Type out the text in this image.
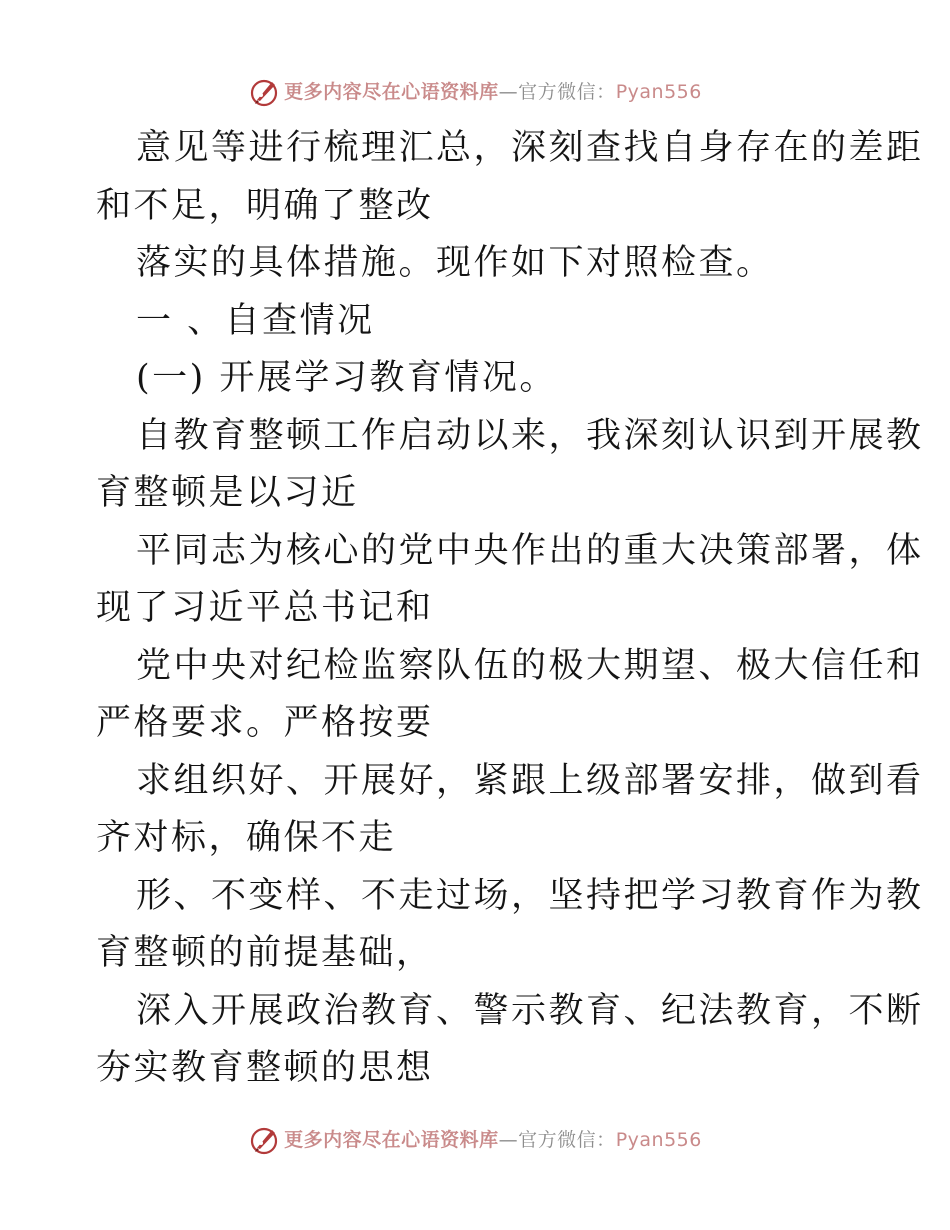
更多内容尽在心语资料库—官方微信：Pyan556
意见等进行梳理汇总，深刻查找自身存在的差距
和不足，明确了整改
落实的具体措施。现作如下对照检查。
一 、自查情况
(一) 开展学习教育情况。
自教育整顿工作启动以来，我深刻认识到开展教
育整顿是以习近
平同志为核心的党中央作出的重大决策部署，体
现了习近平总书记和
党中央对纪检监察队伍的极大期望、极大信任和
严格要求。严格按要
求组织好、开展好，紧跟上级部署安排，做到看
齐对标，确保不走
形、不变样、不走过场，坚持把学习教育作为教
育整顿的前提基础，
深入开展政治教育、警示教育、纪法教育，不断
夯实教育整顿的思想
更多内容尽在心语资料库—官方微信：Pyan556
